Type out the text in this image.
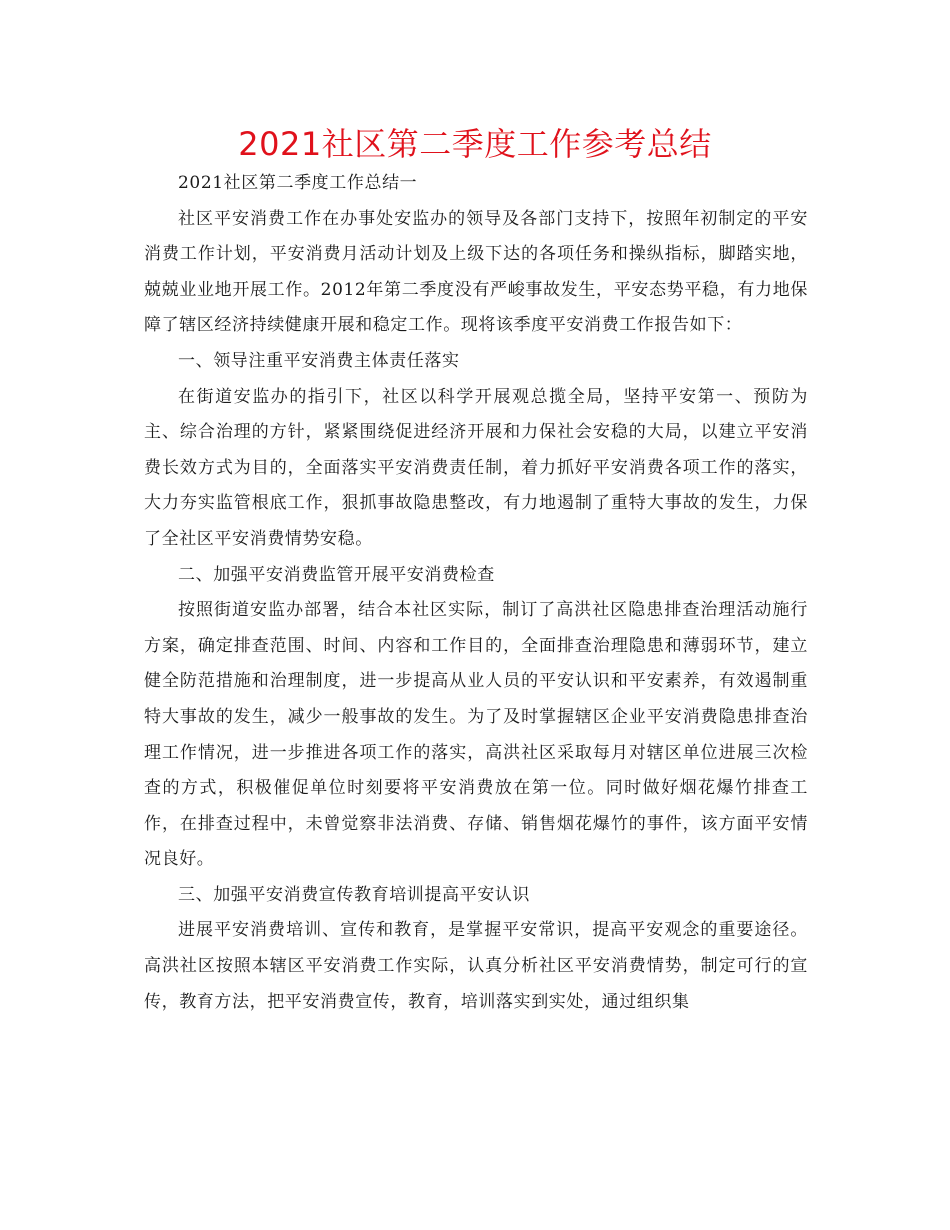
2021社区第二季度工作参考总结

2021社区第二季度工作总结一

社区平安消费工作在办事处安监办的领导及各部门支持下，按照年初制定的平安消费工作计划，平安消费月活动计划及上级下达的各项任务和操纵指标，脚踏实地，兢兢业业地开展工作。2012年第二季度没有严峻事故发生，平安态势平稳，有力地保障了辖区经济持续健康开展和稳定工作。现将该季度平安消费工作报告如下：

一、领导注重平安消费主体责任落实

在街道安监办的指引下，社区以科学开展观总揽全局，坚持平安第一、预防为主、综合治理的方针，紧紧围绕促进经济开展和力保社会安稳的大局，以建立平安消费长效方式为目的，全面落实平安消费责任制，着力抓好平安消费各项工作的落实，大力夯实监管根底工作，狠抓事故隐患整改，有力地遏制了重特大事故的发生，力保了全社区平安消费情势安稳。

二、加强平安消费监管开展平安消费检查

按照街道安监办部署，结合本社区实际，制订了高洪社区隐患排查治理活动施行方案，确定排查范围、时间、内容和工作目的，全面排查治理隐患和薄弱环节，建立健全防范措施和治理制度，进一步提高从业人员的平安认识和平安素养，有效遏制重特大事故的发生，减少一般事故的发生。为了及时掌握辖区企业平安消费隐患排查治理工作情况，进一步推进各项工作的落实，高洪社区采取每月对辖区单位进展三次检查的方式，积极催促单位时刻要将平安消费放在第一位。同时做好烟花爆竹排查工作，在排查过程中，未曾觉察非法消费、存储、销售烟花爆竹的事件，该方面平安情况良好。

三、加强平安消费宣传教育培训提高平安认识

进展平安消费培训、宣传和教育，是掌握平安常识，提高平安观念的重要途径。高洪社区按照本辖区平安消费工作实际，认真分析社区平安消费情势，制定可行的宣传，教育方法，把平安消费宣传，教育，培训落实到实处，通过组织集
